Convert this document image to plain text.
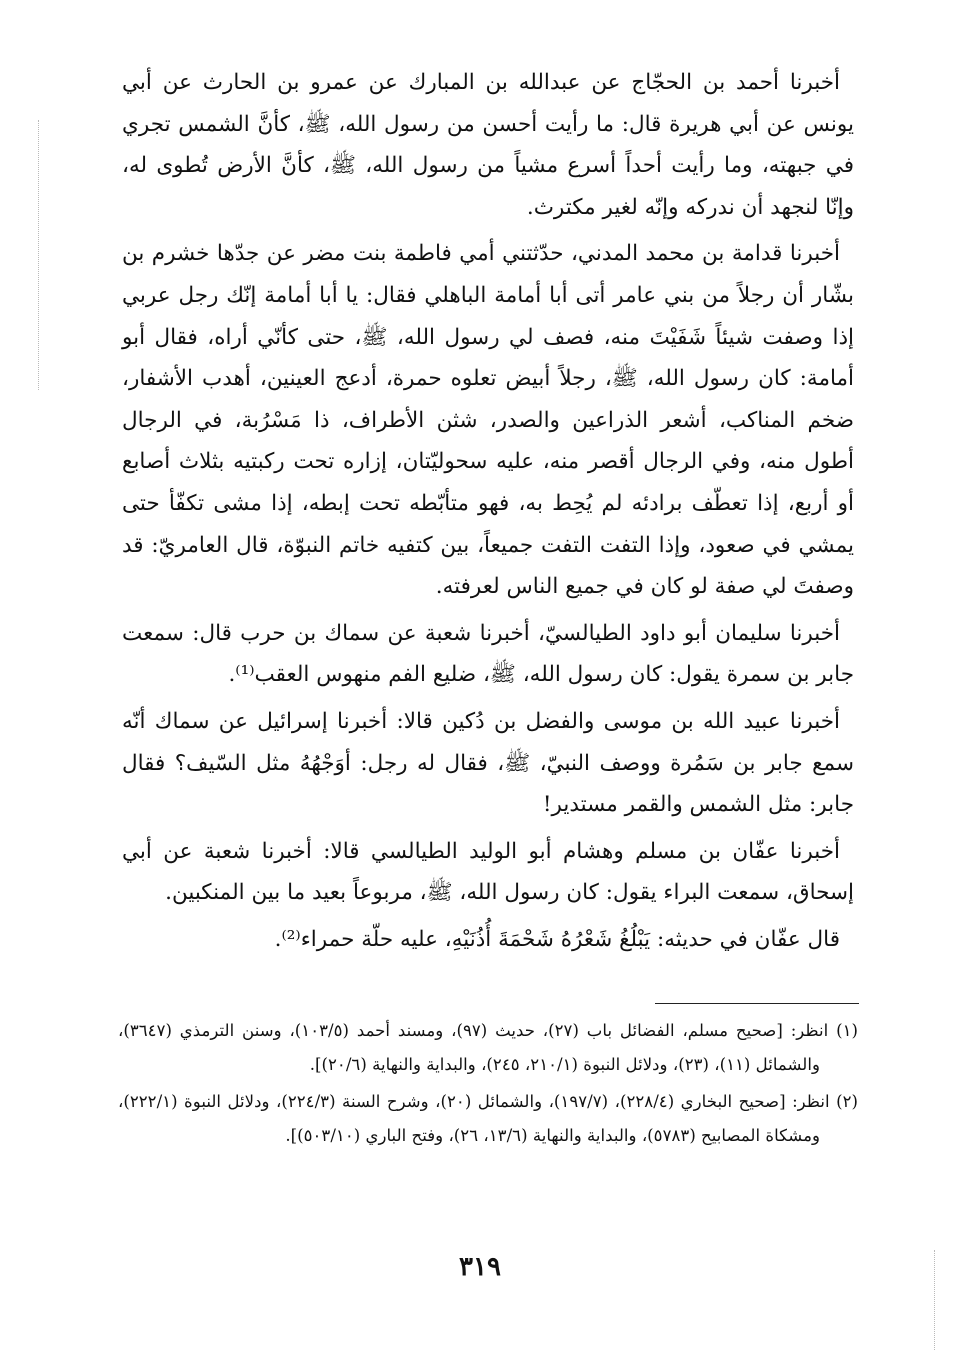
أخبرنا أحمد بن الحجّاج عن عبدالله بن المبارك عن عمرو بن الحارث عن أبي يونس عن أبي هريرة قال: ما رأيت أحسن من رسول الله، ﷺ، كأنَّ الشمس تجري في جبهته، وما رأيت أحداً أسرع مشياً من رسول الله، ﷺ، كأنَّ الأرض تُطوى له، وإنّا لنجهد أن ندركه وإنّه لغير مكترث.

أخبرنا قدامة بن محمد المدني، حدّثتني أمي فاطمة بنت مضر عن جدّها خشرم بن بشّار أن رجلاً من بني عامر أتى أبا أمامة الباهلي فقال: يا أبا أمامة إنّك رجل عربي إذا وصفت شيئاً شَفَيْتَ منه، فصف لي رسول الله، ﷺ، حتى كأنّي أراه، فقال أبو أمامة: كان رسول الله، ﷺ، رجلاً أبيض تعلوه حمرة، أدعج العينين، أهدب الأشفار، ضخم المناكب، أشعر الذراعين والصدر، شثن الأطراف، ذا مَسْرُبة، في الرجال أطول منه، وفي الرجال أقصر منه، عليه سحوليّتان، إزاره تحت ركبتيه بثلاث أصابع أو أربع، إذا تعطّف برادئه لم يُحِط به، فهو متأبّطه تحت إبطه، إذا مشى تكفّأ حتى يمشي في صعود، وإذا التفت التفت جميعاً، بين كتفيه خاتم النبوّة، قال العامريّ: قد وصفتَ لي صفة لو كان في جميع الناس لعرفته.

أخبرنا سليمان أبو داود الطيالسيّ، أخبرنا شعبة عن سماك بن حرب قال: سمعت جابر بن سمرة يقول: كان رسول الله، ﷺ، ضليع الفم منهوس العقب⁽¹⁾.

أخبرنا عبيد الله بن موسى والفضل بن دُكين قالا: أخبرنا إسرائيل عن سماك أنّه سمع جابر بن سَمُرة ووصف النبيّ، ﷺ، فقال له رجل: أوَجْهُهُ مثل السّيف؟ فقال جابر: مثل الشمس والقمر مستدير!

أخبرنا عفّان بن مسلم وهشام أبو الوليد الطيالسي قالا: أخبرنا شعبة عن أبي إسحاق، سمعت البراء يقول: كان رسول الله، ﷺ، مربوعاً بعيد ما بين المنكبين.

قال عفّان في حديثه: يَبْلُغُ شَعْرُهُ شَحْمَةَ أُذُنَيْهِ، عليه حلّة حمراء⁽²⁾.

(١) انظر: [صحيح مسلم، الفضائل باب (٢٧)، حديث (٩٧)، ومسند أحمد (١٠٣/٥)، وسنن الترمذي (٣٦٤٧)، والشمائل (١١)، (٢٣)، ودلائل النبوة (٢١٠/١، ٢٤٥)، والبداية والنهاية (٢٠/٦)].

(٢) انظر: [صحيح البخاري (٢٢٨/٤)، (١٩٧/٧)، والشمائل (٢٠)، وشرح السنة (٢٢٤/٣)، ودلائل النبوة (٢٢٢/١)، ومشكاة المصابيح (٥٧٨٣)، والبداية والنهاية (١٣/٦، ٢٦)، وفتح الباري (٥٠٣/١٠)].

٣١٩
